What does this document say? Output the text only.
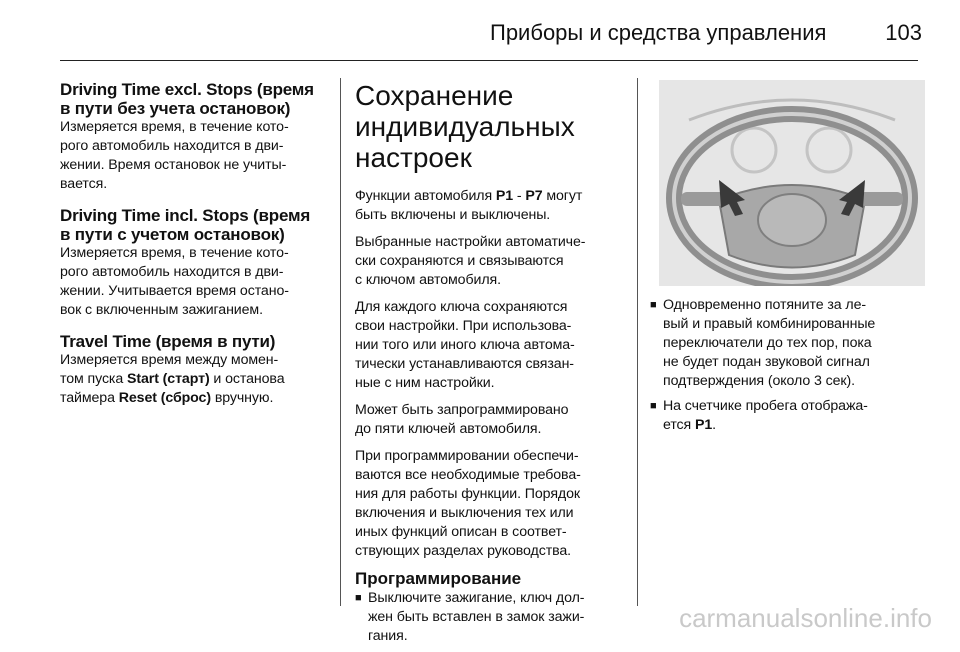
Приборы и средства управления	103
Driving Time excl. Stops (время
в пути без учета остановок)

Измеряется время, в течение кото-
рого автомобиль находится в дви-
жении. Время остановок не учиты-
вается.

Driving Time incl. Stops (время
в пути с учетом остановок)

Измеряется время, в течение кото-
рого автомобиль находится в дви-
жении. Учитывается время остано-
вок с включенным зажиганием.

Travel Time (время в пути)

Измеряется время между момен-
том пуска Start (старт) и останова
таймера Reset (сброс) вручную.

Сохранение
индивидуальных
настроек

Функции автомобиля P1 - P7 могут
быть включены и выключены.

Выбранные настройки автоматиче-
ски сохраняются и связываются
с ключом автомобиля.

Для каждого ключа сохраняются
свои настройки. При использова-
нии того или иного ключа автома-
тически устанавливаются связан-
ные с ним настройки.

Может быть запрограммировано
до пяти ключей автомобиля.

При программировании обеспечи-
ваются все необходимые требова-
ния для работы функции. Порядок
включения и выключения тех или
иных функций описан в соответ-
ствующих разделах руководства.

Программирование
■ Выключите зажигание, ключ дол-
жен быть вставлен в замок зажи-
гания.
■ Одновременно потяните за ле-
вый и правый комбинированные
переключатели до тех пор, пока
не будет подан звуковой сигнал
подтверждения (около 3 сек).
■ На счетчике пробега отобража-
ется P1.
carmanualsonline.info
